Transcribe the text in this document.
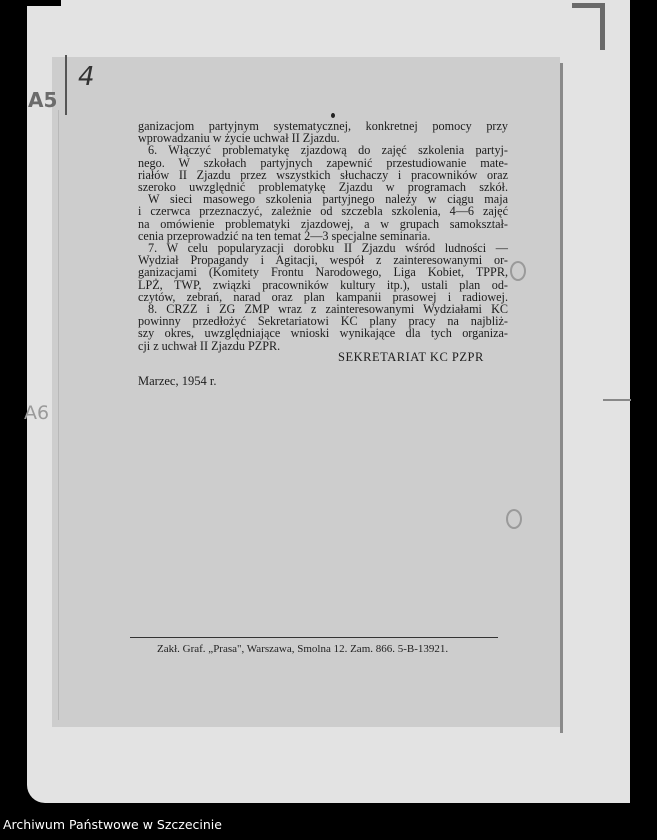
A5
A6
4

ganizacjom partyjnym systematycznej, konkretnej pomocy przy
wprowadzaniu w życie uchwał II Zjazdu.

6. Włączyć problematykę zjazdową do zajęć szkolenia partyj-
nego. W szkołach partyjnych zapewnić przestudiowanie mate-
riałów II Zjazdu przez wszystkich słuchaczy i pracowników oraz
szeroko uwzględnić problematykę Zjazdu w programach szkół.

W sieci masowego szkolenia partyjnego należy w ciągu maja
i czerwca przeznaczyć, zależnie od szczebla szkolenia, 4—6 zajęć
na omówienie problematyki zjazdowej, a w grupach samokształ-
cenia przeprowadzić na ten temat 2—3 specjalne seminaria.

7. W celu popularyzacji dorobku II Zjazdu wśród ludności —
Wydział Propagandy i Agitacji, wespół z zainteresowanymi or-
ganizacjami (Komitety Frontu Narodowego, Liga Kobiet, TPPR,
LPŻ, TWP, związki pracowników kultury itp.), ustali plan od-
czytów, zebrań, narad oraz plan kampanii prasowej i radiowej.

8. CRZZ i ZG ZMP wraz z zainteresowanymi Wydziałami KC
powinny przedłożyć Sekretariatowi KC plany pracy na najbliż-
szy okres, uwzględniające wnioski wynikające dla tych organiza-
cji z uchwał II Zjazdu PZPR.

SEKRETARIAT KC PZPR
Marzec, 1954 r.
Zakł. Graf. „Prasa", Warszawa, Smolna 12. Zam. 866. 5-B-13921.
Archiwum Państwowe w Szczecinie
